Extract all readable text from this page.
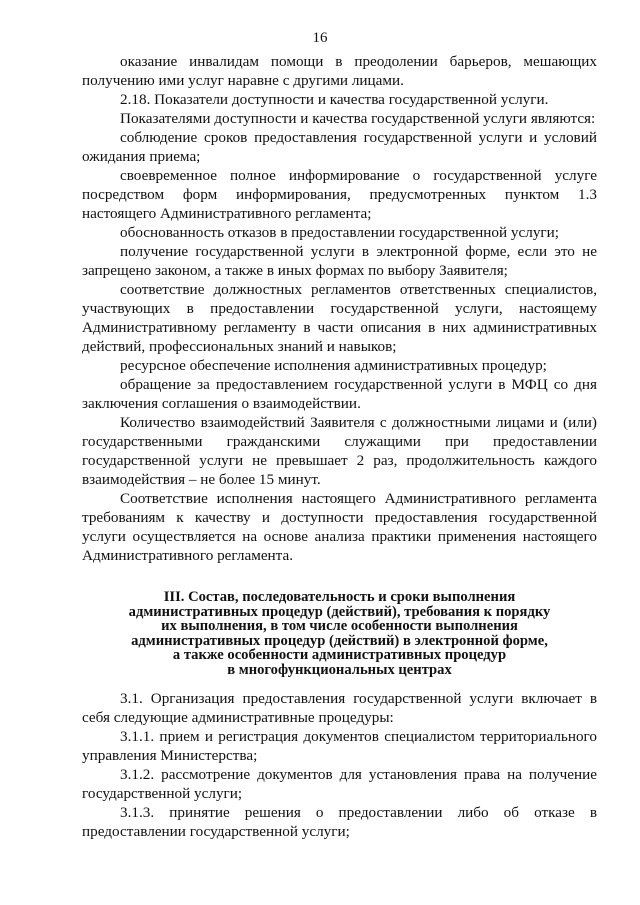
16

оказание инвалидам помощи в преодолении барьеров, мешающих получению ими услуг наравне с другими лицами.

2.18. Показатели доступности и качества государственной услуги.

Показателями доступности и качества государственной услуги являются:

соблюдение сроков предоставления государственной услуги и условий ожидания приема;

своевременное полное информирование о государственной услуге посредством форм информирования, предусмотренных пунктом 1.3 настоящего Административного регламента;

обоснованность отказов в предоставлении государственной услуги;

получение государственной услуги в электронной форме, если это не запрещено законом, а также в иных формах по выбору Заявителя;

соответствие должностных регламентов ответственных специалистов, участвующих в предоставлении государственной услуги, настоящему Административному регламенту в части описания в них административных действий, профессиональных знаний и навыков;

ресурсное обеспечение исполнения административных процедур;

обращение за предоставлением государственной услуги в МФЦ со дня заключения соглашения о взаимодействии.

Количество взаимодействий Заявителя с должностными лицами и (или) государственными гражданскими служащими при предоставлении государственной услуги не превышает 2 раз, продолжительность каждого взаимодействия – не более 15 минут.

Соответствие исполнения настоящего Административного регламента требованиям к качеству и доступности предоставления государственной услуги осуществляется на основе анализа практики применения настоящего Административного регламента.

III. Состав, последовательность и сроки выполнения
административных процедур (действий), требования к порядку
их выполнения, в том числе особенности выполнения
административных процедур (действий) в электронной форме,
а также особенности административных процедур
в многофункциональных центрах

3.1. Организация предоставления государственной услуги включает в себя следующие административные процедуры:

3.1.1. прием и регистрация документов специалистом территориального управления Министерства;

3.1.2. рассмотрение документов для установления права на получение государственной услуги;

3.1.3. принятие решения о предоставлении либо об отказе в предоставлении государственной услуги;
